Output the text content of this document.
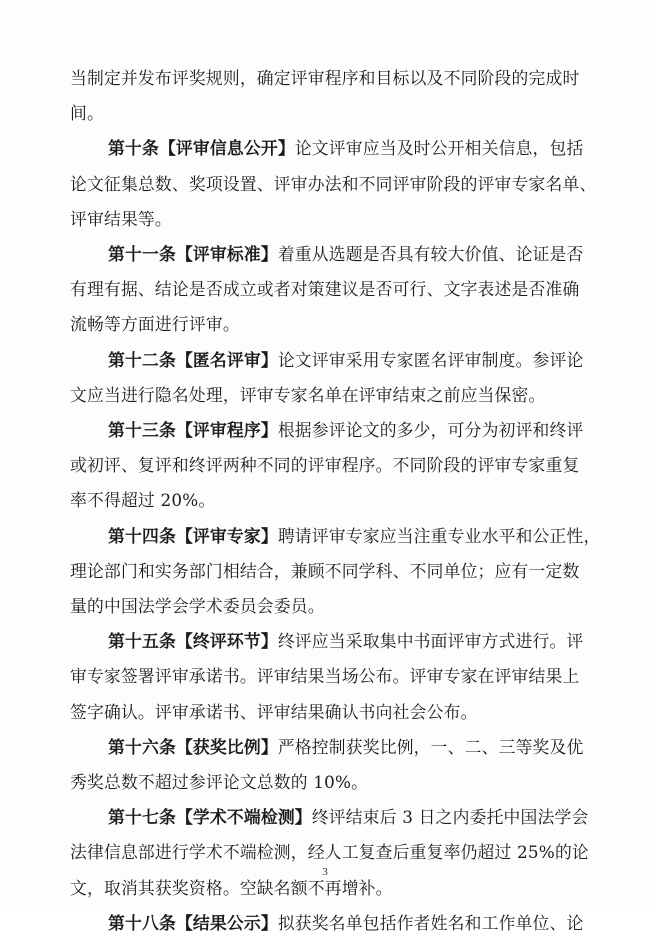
当制定并发布评奖规则，确定评审程序和目标以及不同阶段的完成时
间。
第十条【评审信息公开】论文评审应当及时公开相关信息，包括
论文征集总数、奖项设置、评审办法和不同评审阶段的评审专家名单、
评审结果等。
第十一条【评审标准】着重从选题是否具有较大价值、论证是否
有理有据、结论是否成立或者对策建议是否可行、文字表述是否准确
流畅等方面进行评审。
第十二条【匿名评审】论文评审采用专家匿名评审制度。参评论
文应当进行隐名处理，评审专家名单在评审结束之前应当保密。
第十三条【评审程序】根据参评论文的多少，可分为初评和终评
或初评、复评和终评两种不同的评审程序。不同阶段的评审专家重复
率不得超过 20%。
第十四条【评审专家】聘请评审专家应当注重专业水平和公正性，
理论部门和实务部门相结合，兼顾不同学科、不同单位；应有一定数
量的中国法学会学术委员会委员。
第十五条【终评环节】终评应当采取集中书面评审方式进行。评
审专家签署评审承诺书。评审结果当场公布。评审专家在评审结果上
签字确认。评审承诺书、评审结果确认书向社会公布。
第十六条【获奖比例】严格控制获奖比例，一、二、三等奖及优
秀奖总数不超过参评论文总数的 10%。
第十七条【学术不端检测】终评结束后 3 日之内委托中国法学会
法律信息部进行学术不端检测，经人工复查后重复率仍超过 25%的论
文，取消其获奖资格。空缺名额不再增补。
第十八条【结果公示】拟获奖名单包括作者姓名和工作单位、论
3
